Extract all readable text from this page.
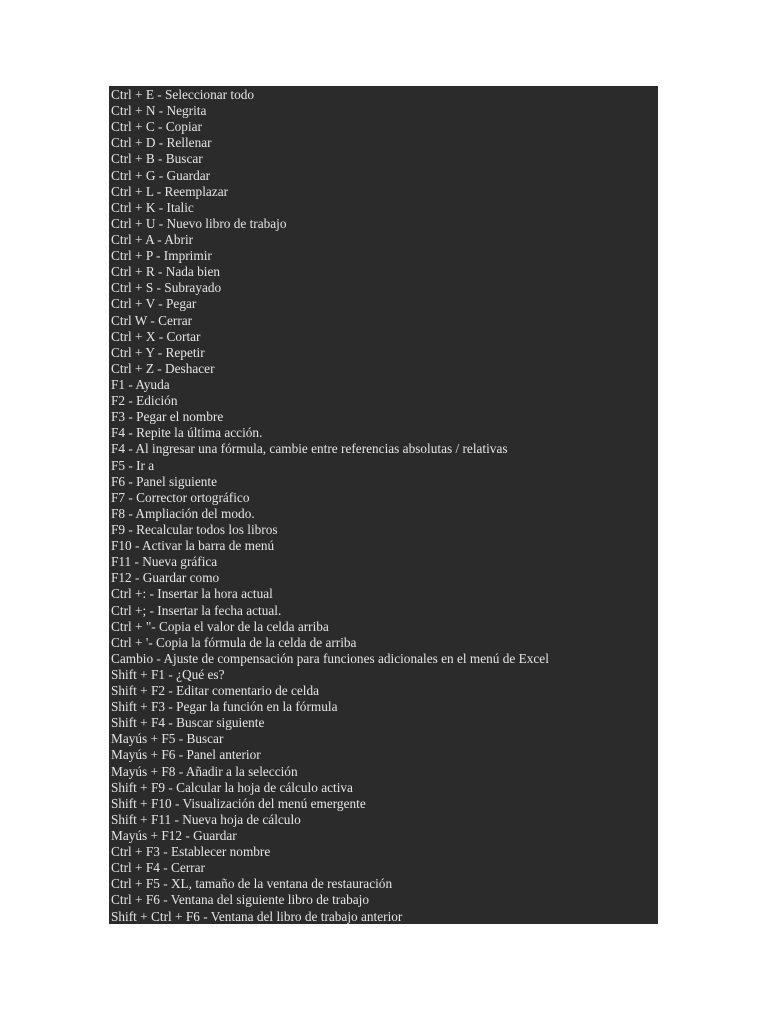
Ctrl + E - Seleccionar todo
Ctrl + N - Negrita
Ctrl + C - Copiar
Ctrl + D - Rellenar
Ctrl + B - Buscar
Ctrl + G - Guardar
Ctrl + L - Reemplazar
Ctrl + K - Italic
Ctrl + U - Nuevo libro de trabajo
Ctrl + A - Abrir
Ctrl + P - Imprimir
Ctrl + R - Nada bien
Ctrl + S - Subrayado
Ctrl + V - Pegar
Ctrl W - Cerrar
Ctrl + X - Cortar
Ctrl + Y - Repetir
Ctrl + Z - Deshacer
F1 - Ayuda
F2 - Edición
F3 - Pegar el nombre
F4 - Repite la última acción.
F4 - Al ingresar una fórmula, cambie entre referencias absolutas / relativas
F5 - Ir a
F6 - Panel siguiente
F7 - Corrector ortográfico
F8 - Ampliación del modo.
F9 - Recalcular todos los libros
F10 - Activar la barra de menú
F11 - Nueva gráfica
F12 - Guardar como
Ctrl +: - Insertar la hora actual
Ctrl +; - Insertar la fecha actual.
Ctrl + "- Copia el valor de la celda arriba
Ctrl + '- Copia la fórmula de la celda de arriba
Cambio - Ajuste de compensación para funciones adicionales en el menú de Excel
Shift + F1 - ¿Qué es?
Shift + F2 - Editar comentario de celda
Shift + F3 - Pegar la función en la fórmula
Shift + F4 - Buscar siguiente
Mayús + F5 - Buscar
Mayús + F6 - Panel anterior
Mayús + F8 - Añadir a la selección
Shift + F9 - Calcular la hoja de cálculo activa
Shift + F10 - Visualización del menú emergente
Shift + F11 - Nueva hoja de cálculo
Mayús + F12 - Guardar
Ctrl + F3 - Establecer nombre
Ctrl + F4 - Cerrar
Ctrl + F5 - XL, tamaño de la ventana de restauración
Ctrl + F6 - Ventana del siguiente libro de trabajo
Shift + Ctrl + F6 - Ventana del libro de trabajo anterior
